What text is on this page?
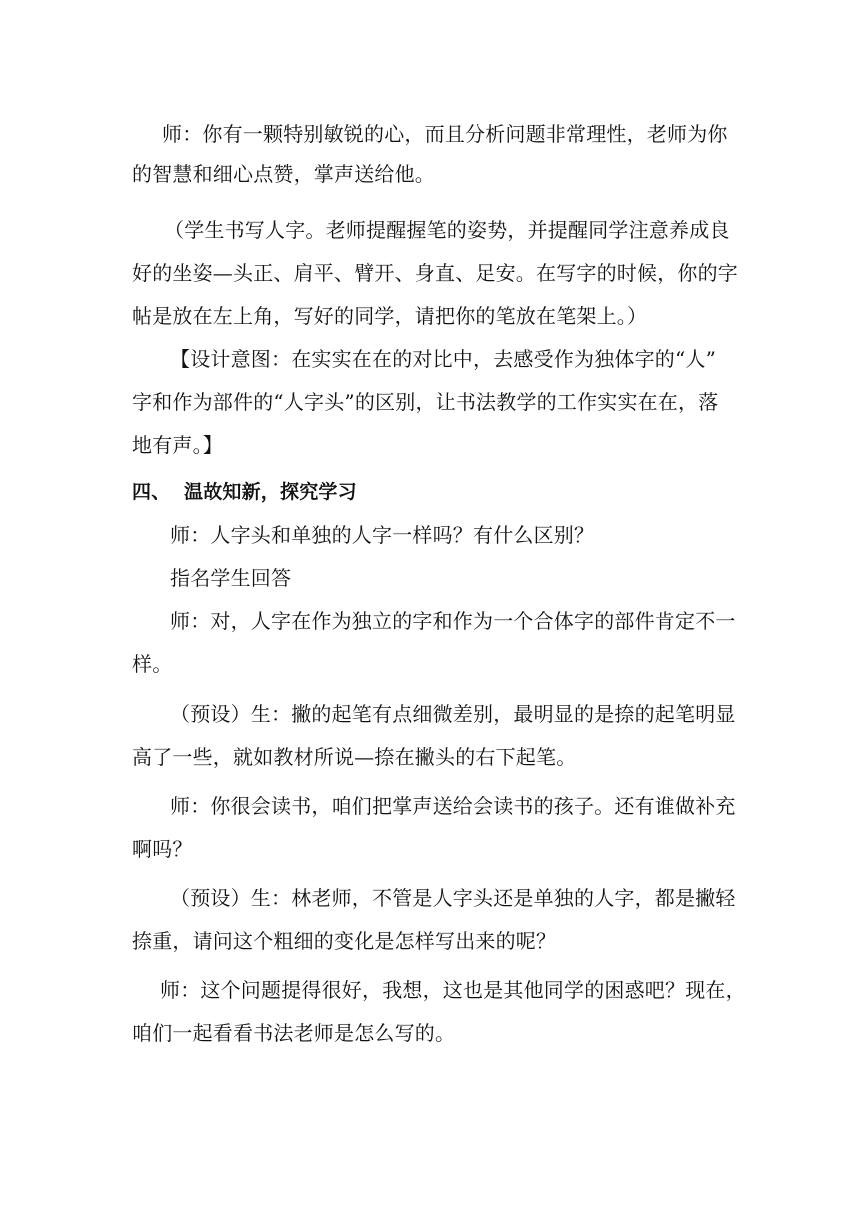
师：你有一颗特别敏锐的心，而且分析问题非常理性，老师为你
的智慧和细心点赞，掌声送给他。
（学生书写人字。老师提醒握笔的姿势，并提醒同学注意养成良
好的坐姿—头正、肩平、臂开、身直、足安。在写字的时候，你的字
帖是放在左上角，写好的同学，请把你的笔放在笔架上。）
【设计意图：在实实在在的对比中，去感受作为独体字的“人”
字和作为部件的“人字头”的区别，让书法教学的工作实实在在，落
地有声。】
四、 温故知新，探究学习
师：人字头和单独的人字一样吗？有什么区别？
指名学生回答
师：对，人字在作为独立的字和作为一个合体字的部件肯定不一
样。
（预设）生：撇的起笔有点细微差别，最明显的是捺的起笔明显
高了一些，就如教材所说—捺在撇头的右下起笔。
师：你很会读书，咱们把掌声送给会读书的孩子。还有谁做补充
啊吗？
（预设）生：林老师，不管是人字头还是单独的人字，都是撇轻
捺重，请问这个粗细的变化是怎样写出来的呢？
师：这个问题提得很好，我想，这也是其他同学的困惑吧？现在，
咱们一起看看书法老师是怎么写的。
